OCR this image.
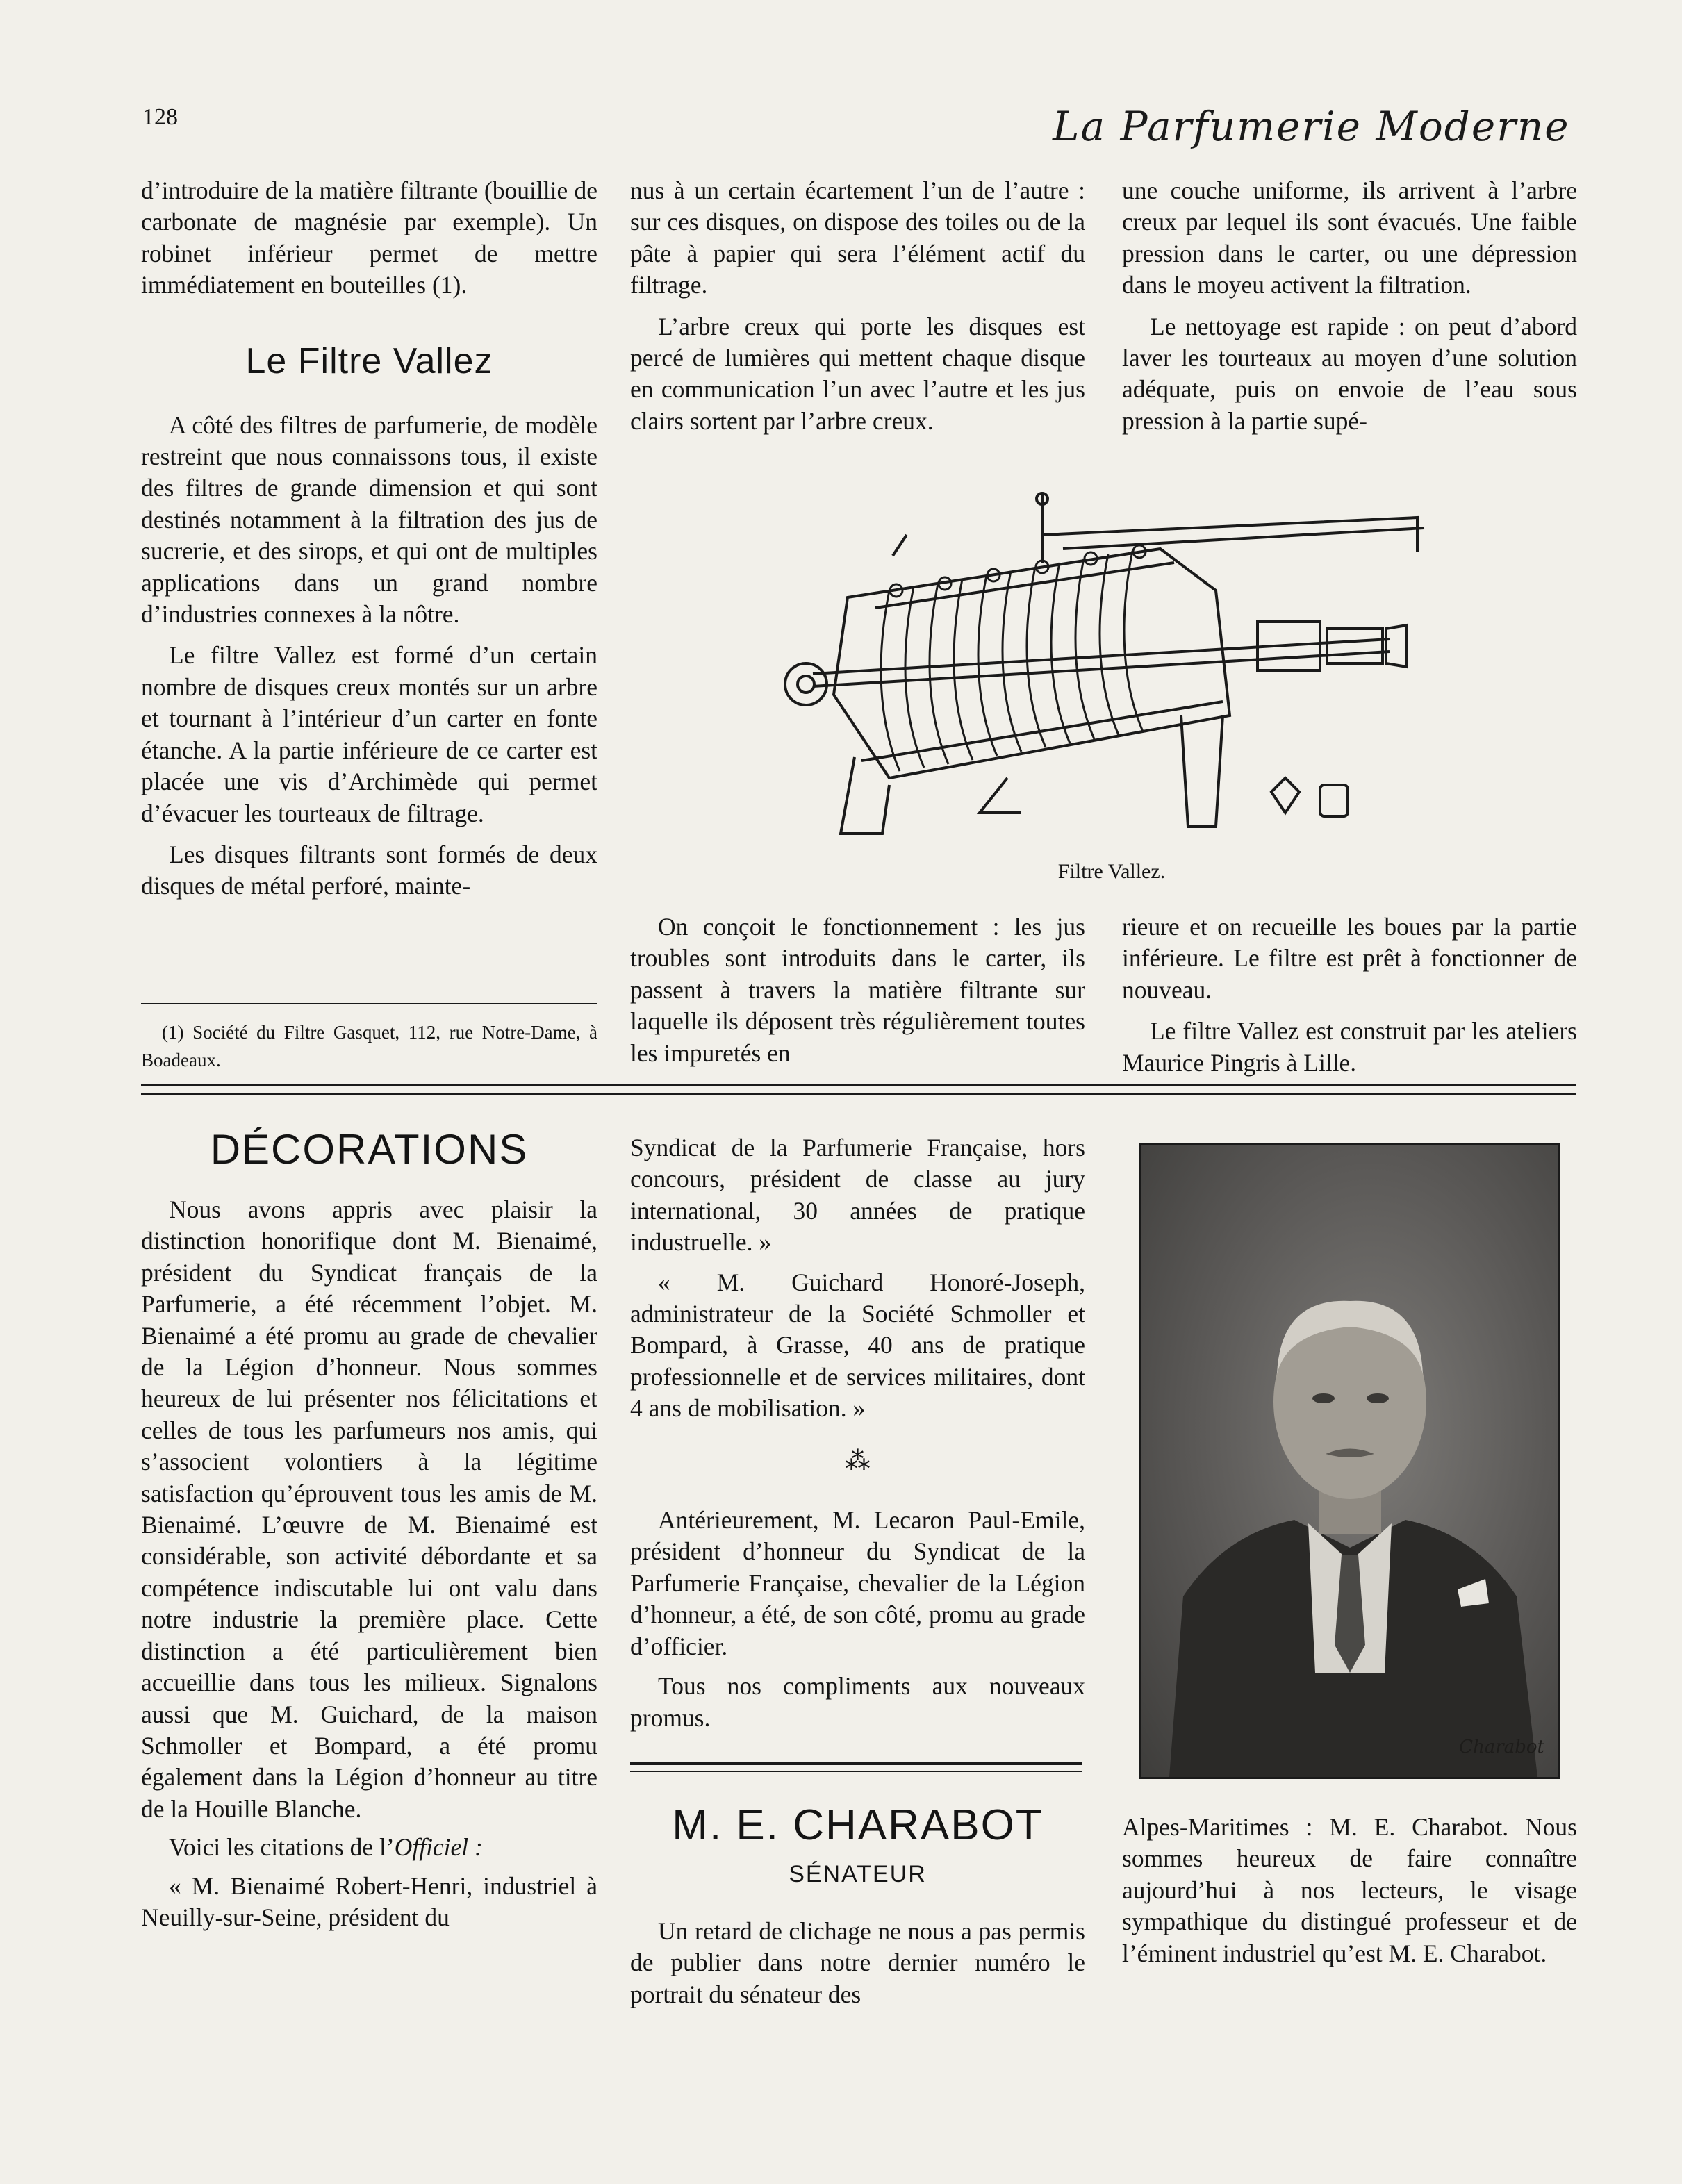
128	La Parfumerie Moderne

d’introduire de la matière filtrante (bouillie de carbonate de magnésie par exemple). Un robinet inférieur permet de mettre immédiatement en bouteilles (1).

Le Filtre Vallez

A côté des filtres de parfumerie, de modèle restreint que nous connaissons tous, il existe des filtres de grande dimension et qui sont destinés notamment à la filtration des jus de sucrerie, et des sirops, et qui ont de multiples applications dans un grand nombre d’industries connexes à la nôtre.

Le filtre Vallez est formé d’un certain nombre de disques creux montés sur un arbre et tournant à l’intérieur d’un carter en fonte étanche. A la partie inférieure de ce carter est placée une vis d’Archimède qui permet d’évacuer les tourteaux de filtrage.

Les disques filtrants sont formés de deux disques de métal perforé, mainte-

(1) Société du Filtre Gasquet, 112, rue Notre-Dame, à Boadeaux.

nus à un certain écartement l’un de l’autre : sur ces disques, on dispose des toiles ou de la pâte à papier qui sera l’élément actif du filtrage.

L’arbre creux qui porte les disques est percé de lumières qui mettent chaque disque en communication l’un avec l’autre et les jus clairs sortent par l’arbre creux.

une couche uniforme, ils arrivent à l’arbre creux par lequel ils sont évacués. Une faible pression dans le carter, ou une dépression dans le moyeu activent la filtration.

Le nettoyage est rapide : on peut d’abord laver les tourteaux au moyen d’une solution adéquate, puis on envoie de l’eau sous pression à la partie supé-

Filtre Vallez.

On conçoit le fonctionnement : les jus troubles sont introduits dans le carter, ils passent à travers la matière filtrante sur laquelle ils déposent très régulièrement toutes les impuretés en

rieure et on recueille les boues par la partie inférieure. Le filtre est prêt à fonctionner de nouveau.

Le filtre Vallez est construit par les ateliers Maurice Pingris à Lille.

DÉCORATIONS

Nous avons appris avec plaisir la distinction honorifique dont M. Bienaimé, président du Syndicat français de la Parfumerie, a été récemment l’objet. M. Bienaimé a été promu au grade de chevalier de la Légion d’honneur. Nous sommes heureux de lui présenter nos félicitations et celles de tous les parfumeurs nos amis, qui s’associent volontiers à la légitime satisfaction qu’éprouvent tous les amis de M. Bienaimé. L’œuvre de M. Bienaimé est considérable, son activité débordante et sa compétence indiscutable lui ont valu dans notre industrie la première place. Cette distinction a été particulièrement bien accueillie dans tous les milieux. Signalons aussi que M. Guichard, de la maison Schmoller et Bompard, a été promu également dans la Légion d’honneur au titre de la Houille Blanche.

Voici les citations de l’Officiel :

« M. Bienaimé Robert-Henri, industriel à Neuilly-sur-Seine, président du

Syndicat de la Parfumerie Française, hors concours, président de classe au jury international, 30 années de pratique industruelle. »

« M. Guichard Honoré-Joseph, administrateur de la Société Schmoller et Bompard, à Grasse, 40 ans de pratique professionnelle et de services militaires, dont 4 ans de mobilisation. »

⁂

Antérieurement, M. Lecaron Paul-Emile, président d’honneur du Syndicat de la Parfumerie Française, chevalier de la Légion d’honneur, a été, de son côté, promu au grade d’officier.

Tous nos compliments aux nouveaux promus.

Charabot
M. E. CHARABOT
SÉNATEUR

Un retard de clichage ne nous a pas permis de publier dans notre dernier numéro le portrait du sénateur des

Alpes-Maritimes : M. E. Charabot. Nous sommes heureux de faire connaître aujourd’hui à nos lecteurs, le visage sympathique du distingué professeur et de l’éminent industriel qu’est M. E. Charabot.
